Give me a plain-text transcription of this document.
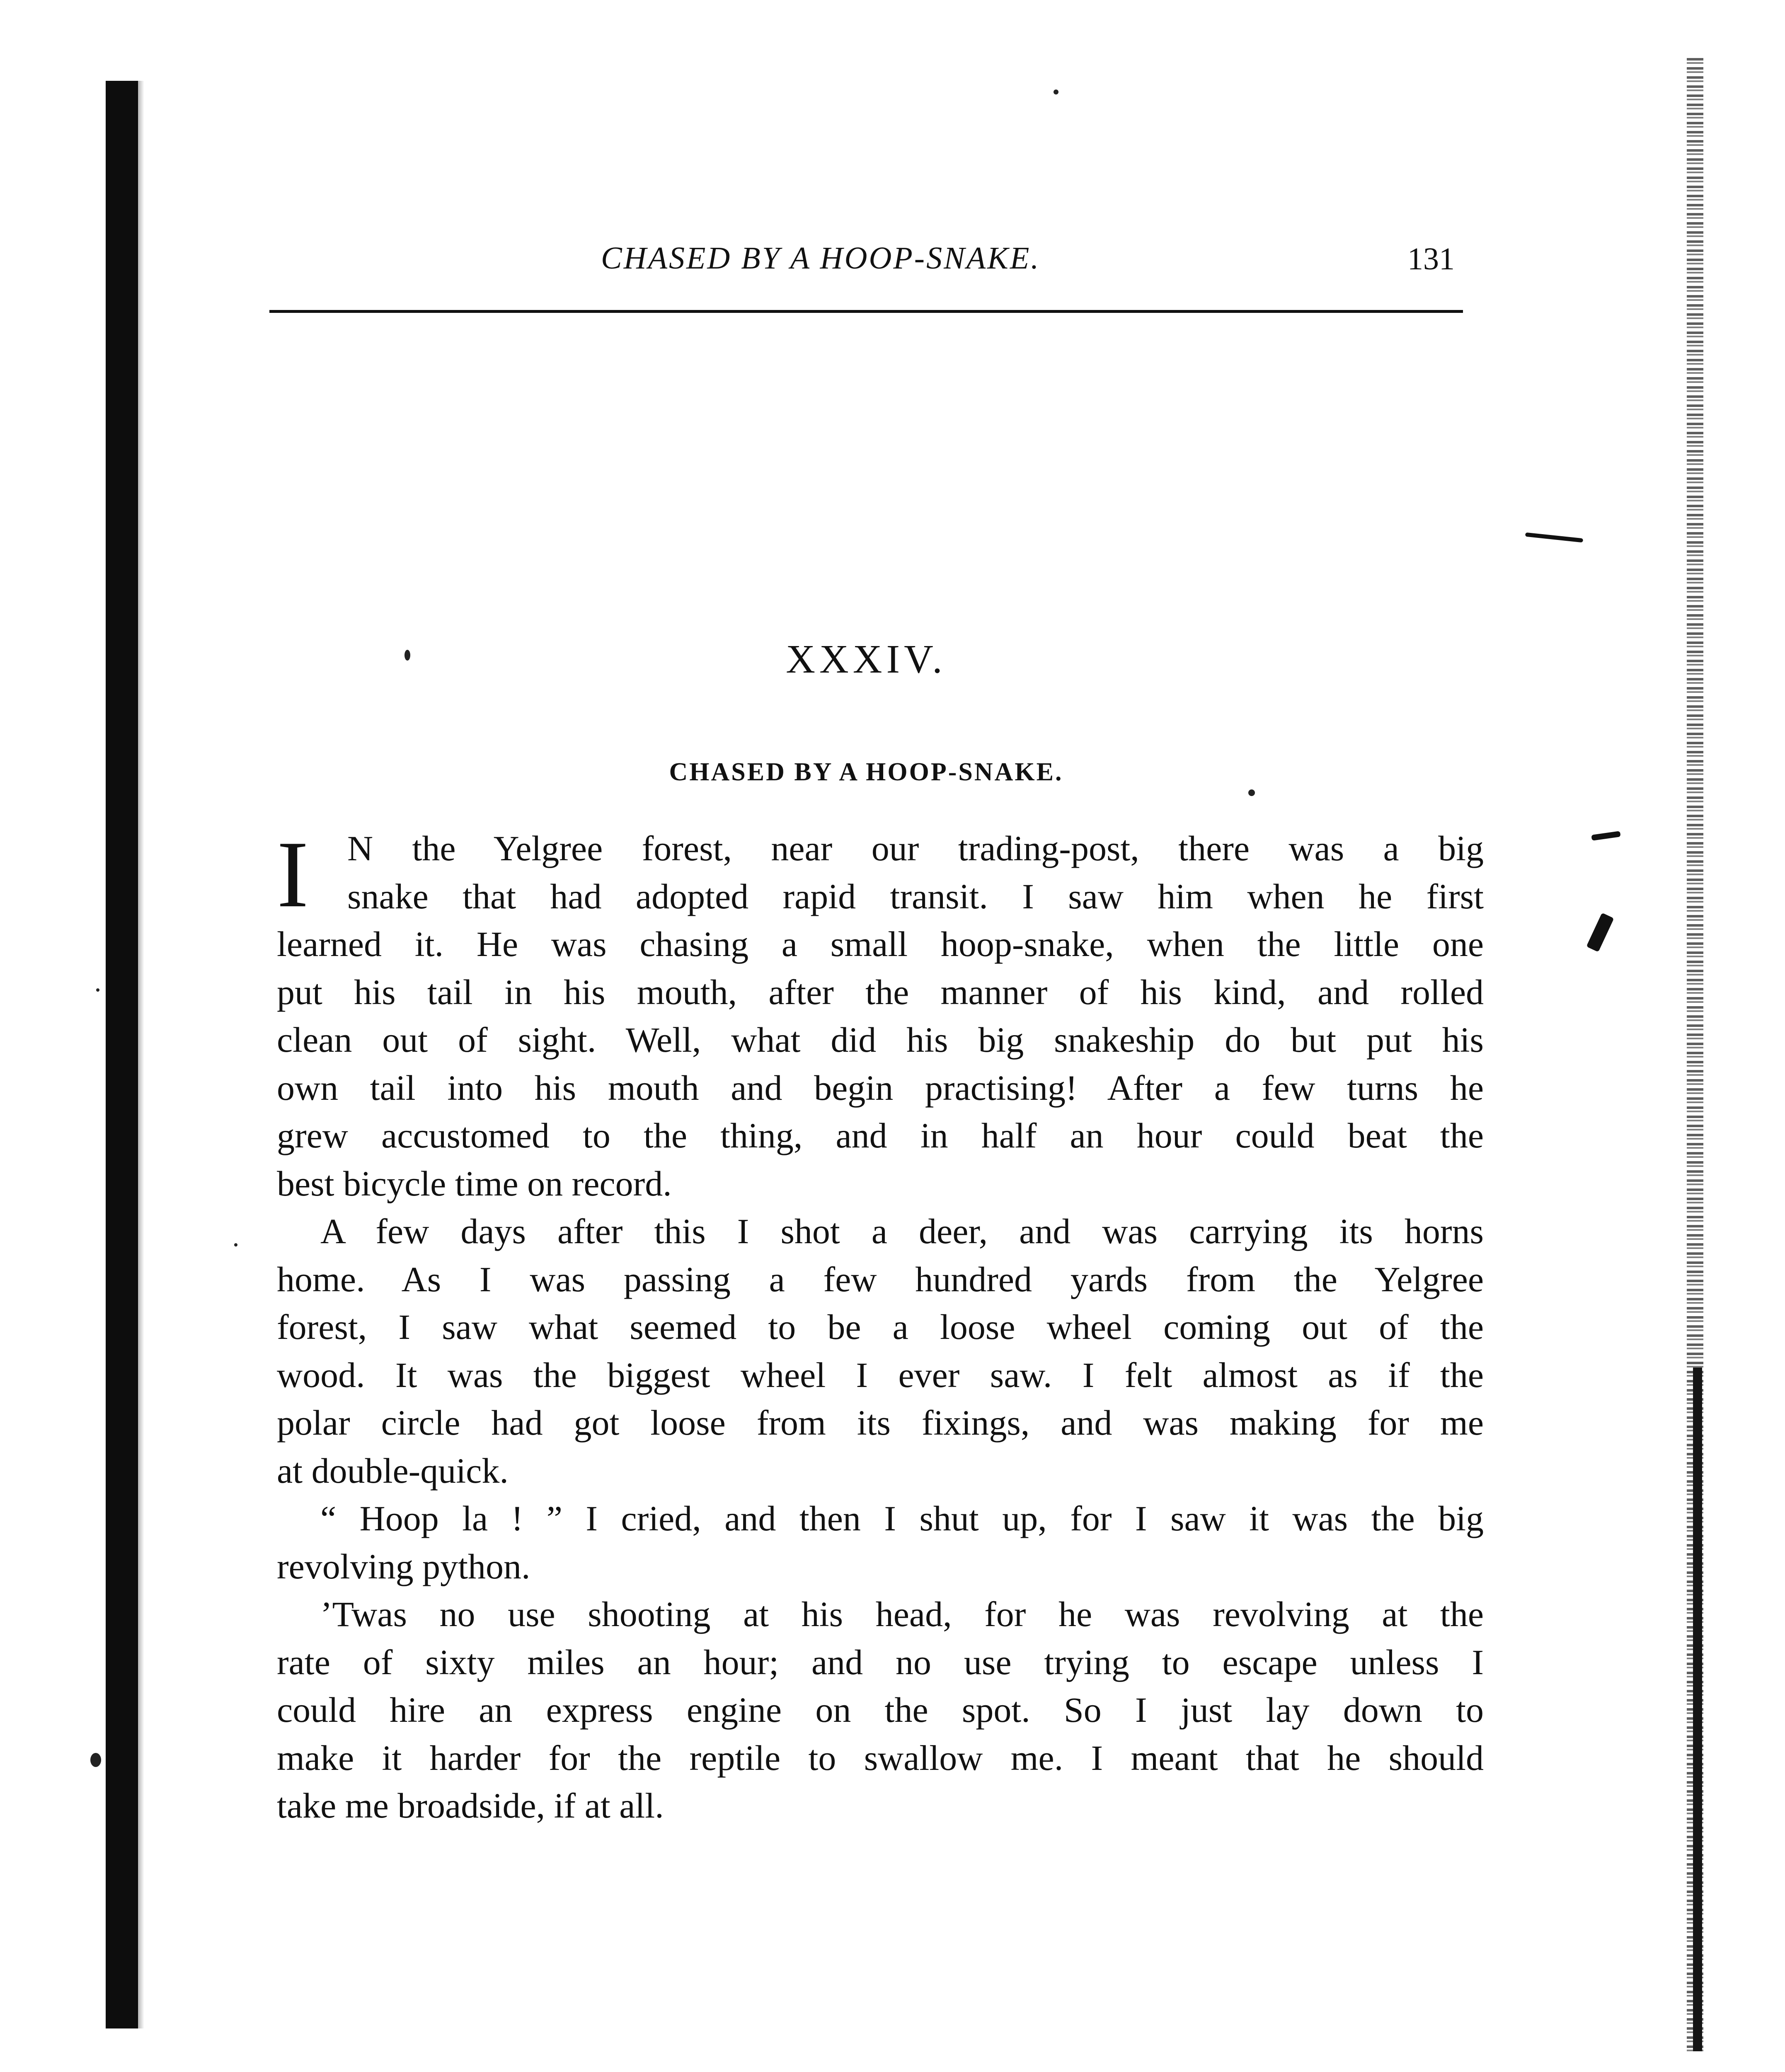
CHASED BY A HOOP-SNAKE.	131
XXXIV.
CHASED BY A HOOP-SNAKE.
I	N the Yelgree forest, near our trading-post, there was a big
snake that had adopted rapid transit. I saw him when he first
learned it. He was chasing a small hoop-snake, when the little one
put his tail in his mouth, after the manner of his kind, and rolled
clean out of sight. Well, what did his big snakeship do but put his
own tail into his mouth and begin practising! After a few turns he
grew accustomed to the thing, and in half an hour could beat the
best bicycle time on record.
A few days after this I shot a deer, and was carrying its horns
home. As I was passing a few hundred yards from the Yelgree
forest, I saw what seemed to be a loose wheel coming out of the
wood. It was the biggest wheel I ever saw. I felt almost as if the
polar circle had got loose from its fixings, and was making for me
at double-quick.
“ Hoop la ! ” I cried, and then I shut up, for I saw it was the big
revolving python.
’Twas no use shooting at his head, for he was revolving at the
rate of sixty miles an hour; and no use trying to escape unless I
could hire an express engine on the spot. So I just lay down to
make it harder for the reptile to swallow me. I meant that he should
take me broadside, if at all.
